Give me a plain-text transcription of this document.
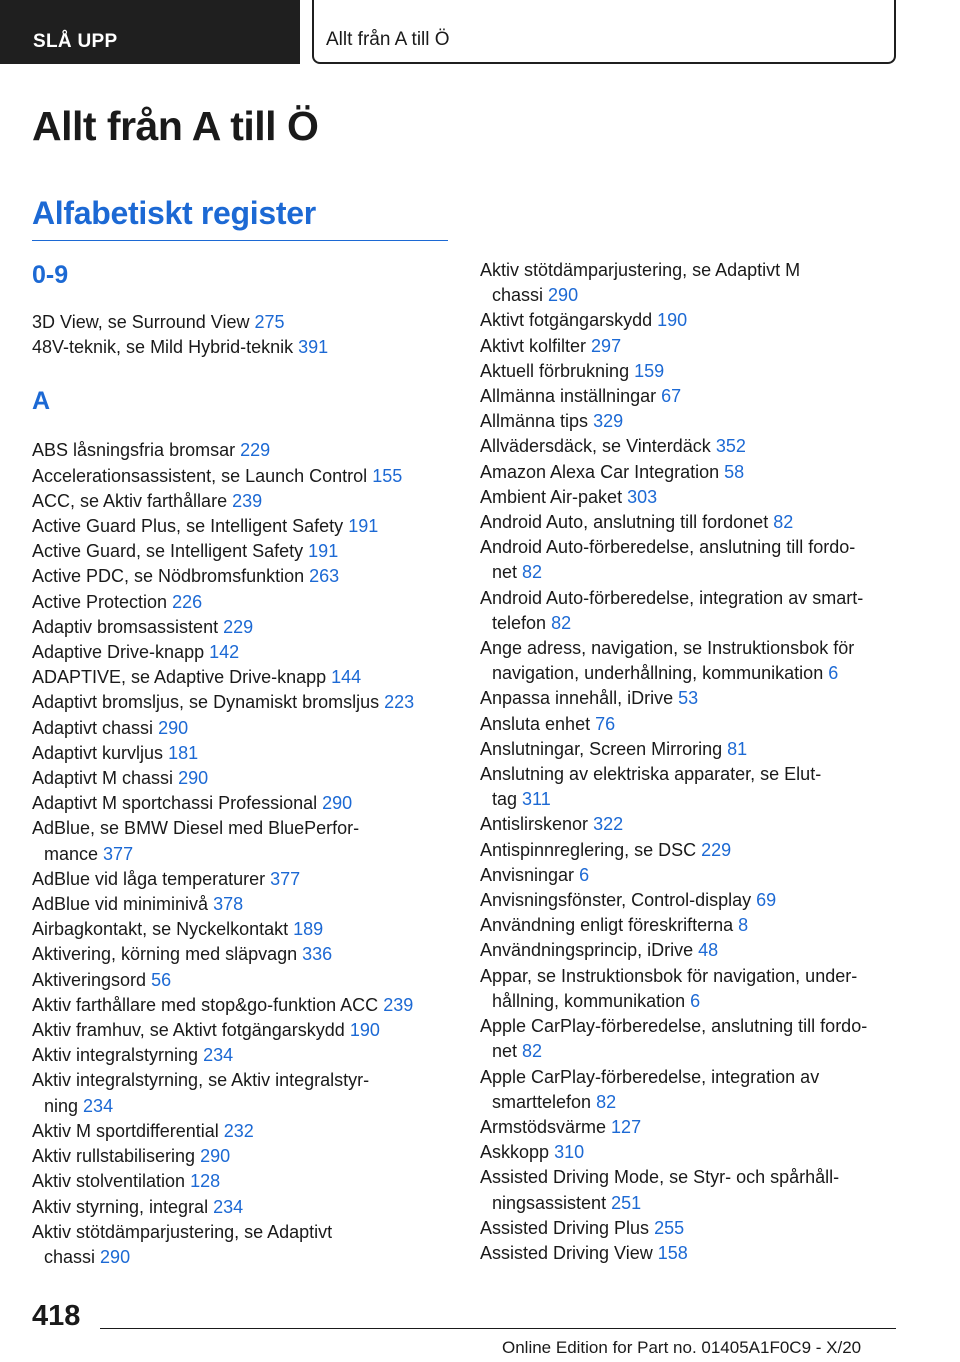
SLÅ UPP	Allt från A till Ö
Allt från A till Ö
Alfabetiskt register
0-9
3D View, se Surround View 275
48V-teknik, se Mild Hybrid-teknik 391
A
ABS låsningsfria bromsar 229
Accelerationsassistent, se Launch Control 155
ACC, se Aktiv farthållare 239
Active Guard Plus, se Intelligent Safety 191
Active Guard, se Intelligent Safety 191
Active PDC, se Nödbromsfunktion 263
Active Protection 226
Adaptiv bromsassistent 229
Adaptive Drive-knapp 142
ADAPTIVE, se Adaptive Drive-knapp 144
Adaptivt bromsljus, se Dynamiskt bromsljus 223
Adaptivt chassi 290
Adaptivt kurvljus 181
Adaptivt M chassi 290
Adaptivt M sportchassi Professional 290
AdBlue, se BMW Diesel med BluePerfor-
mance 377
AdBlue vid låga temperaturer 377
AdBlue vid miniminivå 378
Airbagkontakt, se Nyckelkontakt 189
Aktivering, körning med släpvagn 336
Aktiveringsord 56
Aktiv farthållare med stop&go-funktion ACC 239
Aktiv framhuv, se Aktivt fotgängarskydd 190
Aktiv integralstyrning 234
Aktiv integralstyrning, se Aktiv integralstyr-
ning 234
Aktiv M sportdifferential 232
Aktiv rullstabilisering 290
Aktiv stolventilation 128
Aktiv styrning, integral 234
Aktiv stötdämparjustering, se Adaptivt
chassi 290
Aktiv stötdämparjustering, se Adaptivt M
chassi 290
Aktivt fotgängarskydd 190
Aktivt kolfilter 297
Aktuell förbrukning 159
Allmänna inställningar 67
Allmänna tips 329
Allvädersdäck, se Vinterdäck 352
Amazon Alexa Car Integration 58
Ambient Air-paket 303
Android Auto, anslutning till fordonet 82
Android Auto-förberedelse, anslutning till fordo-
net 82
Android Auto-förberedelse, integration av smart-
telefon 82
Ange adress, navigation, se Instruktionsbok för
navigation, underhållning, kommunikation 6
Anpassa innehåll, iDrive 53
Ansluta enhet 76
Anslutningar, Screen Mirroring 81
Anslutning av elektriska apparater, se Elut-
tag 311
Antislirskenor 322
Antispinnreglering, se DSC 229
Anvisningar 6
Anvisningsfönster, Control-display 69
Användning enligt föreskrifterna 8
Användningsprincip, iDrive 48
Appar, se Instruktionsbok för navigation, under-
hållning, kommunikation 6
Apple CarPlay-förberedelse, anslutning till fordo-
net 82
Apple CarPlay-förberedelse, integration av
smarttelefon 82
Armstödsvärme 127
Askkopp 310
Assisted Driving Mode, se Styr- och spårhåll-
ningsassistent 251
Assisted Driving Plus 255
Assisted Driving View 158
418
Online Edition for Part no. 01405A1F0C9 - X/20
